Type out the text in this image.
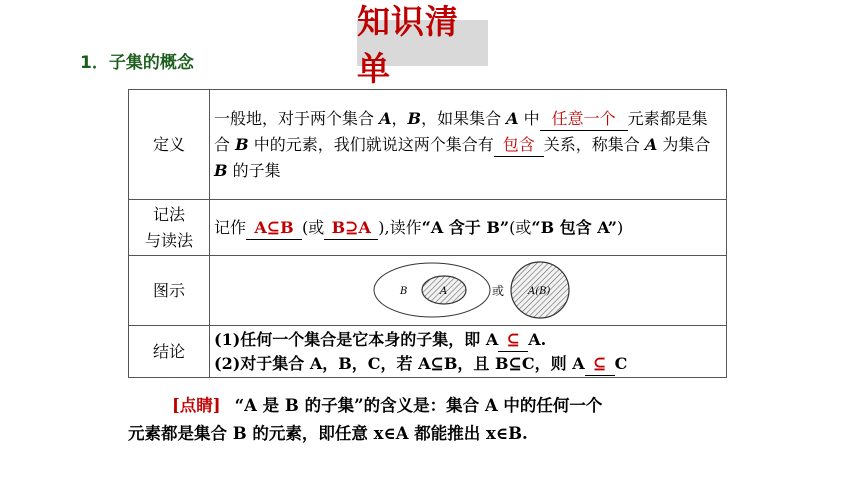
知识清单
1．子集的概念
定义	一般地，对于两个集合 A，B，如果集合 A 中 任意一个 元素都是集合 B 中的元素，我们就说这两个集合有 包含 关系，称集合 A 为集合 B 的子集

记法
与读法	记作 A⊆B (或 B⊇A ),读作“A 含于 B”(或“B 包含 A”)
图示	B A 或 A(B)

结论	(1)任何一个集合是它本身的子集，即 A ⊆ A.
(2)对于集合 A，B，C，若 A⊆B，且 B⊆C，则 A ⊆ C
[点睛] “A 是 B 的子集”的含义是：集合 A 中的任何一个
元素都是集合 B 的元素，即任意 x∈A 都能推出 x∈B.
